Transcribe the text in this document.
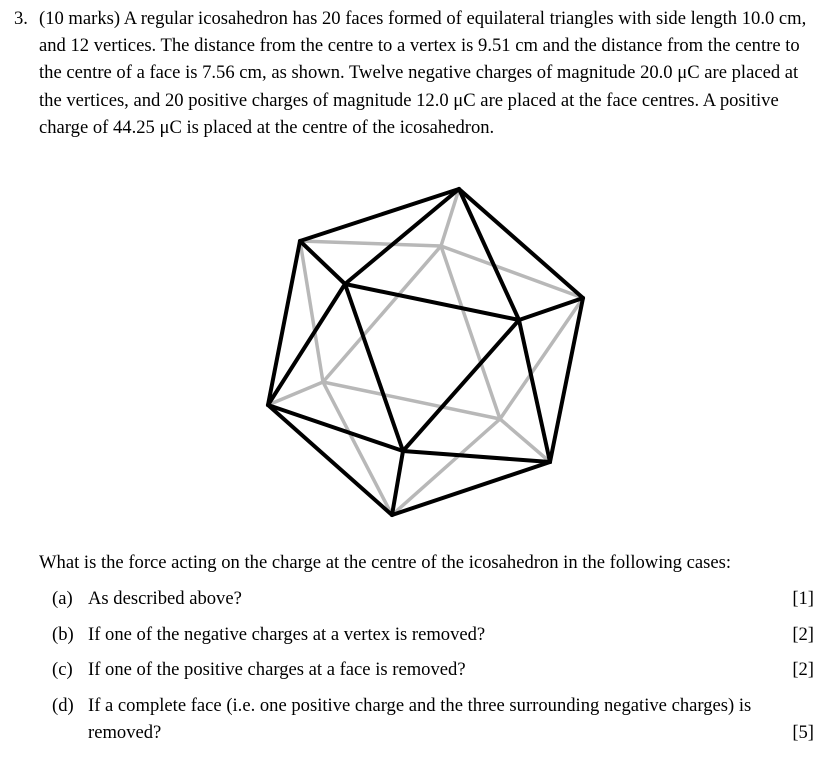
3. (10 marks) A regular icosahedron has 20 faces formed of equilateral triangles with side length 10.0 cm, and 12 vertices. The distance from the centre to a vertex is 9.51 cm and the distance from the centre to the centre of a face is 7.56 cm, as shown. Twelve negative charges of magnitude 20.0 μC are placed at the vertices, and 20 positive charges of magnitude 12.0 μC are placed at the face centres. A positive charge of 44.25 μC is placed at the centre of the icosahedron.
What is the force acting on the charge at the centre of the icosahedron in the following cases:
(a) As described above?	[1]
(b) If one of the negative charges at a vertex is removed?	[2]
(c) If one of the positive charges at a face is removed?	[2]
(d) If a complete face (i.e. one positive charge and the three surrounding negative charges) is removed?	[5]
